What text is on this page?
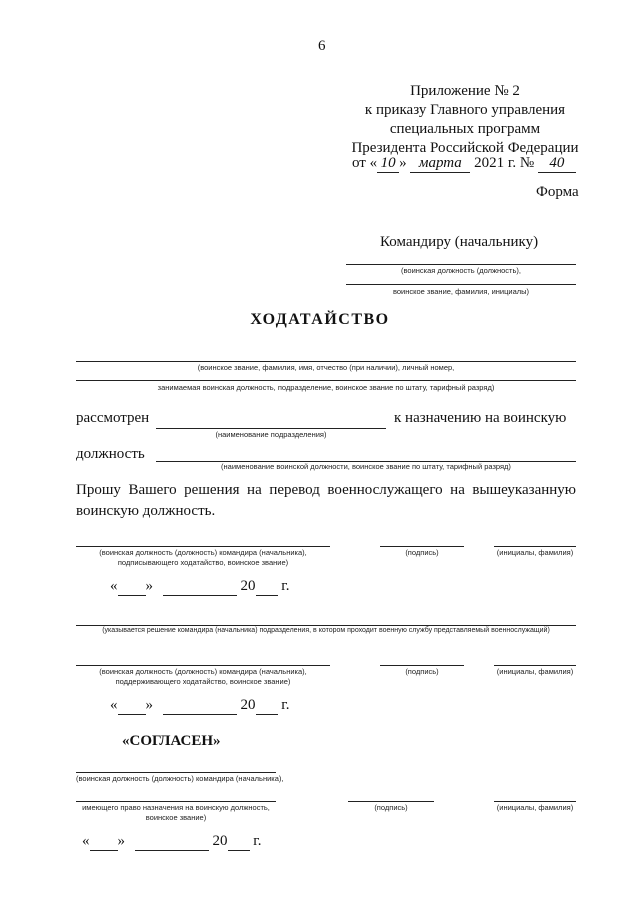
6
Приложение № 2
к приказу Главного управления
специальных программ
Президента Российской Федерации
от « 10 » марта 2021 г. № 40
Форма
Командиру (начальнику)
(воинская должность (должность),
воинское звание, фамилия, инициалы)
ХОДАТАЙСТВО
(воинское звание, фамилия, имя, отчество (при наличии), личный номер,
занимаемая воинская должность, подразделение, воинское звание по штату, тарифный разряд)
рассмотрен
(наименование подразделения)
к назначению на воинскую
должность
(наименование воинской должности, воинское звание по штату, тарифный разряд)
Прошу Вашего решения на перевод военнослужащего на вышеуказанную воинскую должность.
(воинская должность (должность) командира (начальника),
подписывающего ходатайство, воинское звание)
(подпись)	(инициалы, фамилия)
« »	20 г.
(указывается решение командира (начальника) подразделения, в котором проходит военную службу представляемый военнослужащий)
(воинская должность (должность) командира (начальника),
поддерживающего ходатайство, воинское звание)
(подпись)	(инициалы, фамилия)
« »	20 г.
«СОГЛАСЕН»
(воинская должность (должность) командира (начальника),
имеющего право назначения на воинскую должность,
воинское звание)
(подпись)	(инициалы, фамилия)
« »	20 г.
